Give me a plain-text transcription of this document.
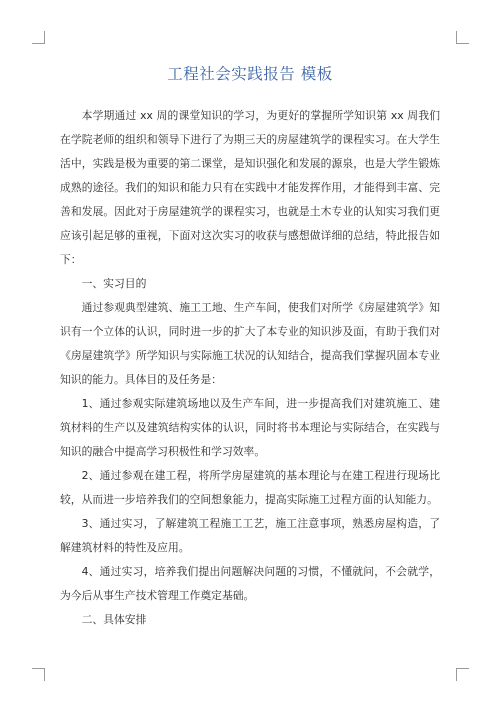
工程社会实践报告 模板

本学期通过 xx 周的课堂知识的学习，为更好的掌握所学知识第 xx 周我们在学院老师的组织和领导下进行了为期三天的房屋建筑学的课程实习。在大学生活中，实践是极为重要的第二课堂，是知识强化和发展的源泉，也是大学生锻炼成熟的途径。我们的知识和能力只有在实践中才能发挥作用，才能得到丰富、完善和发展。因此对于房屋建筑学的课程实习，也就是土木专业的认知实习我们更应该引起足够的重视，下面对这次实习的收获与感想做详细的总结，特此报告如下：

一、实习目的

通过参观典型建筑、施工工地、生产车间，使我们对所学《房屋建筑学》知识有一个立体的认识，同时进一步的扩大了本专业的知识涉及面，有助于我们对《房屋建筑学》所学知识与实际施工状况的认知结合，提高我们掌握巩固本专业知识的能力。具体目的及任务是：

1、通过参观实际建筑场地以及生产车间，进一步提高我们对建筑施工、建筑材料的生产以及建筑结构实体的认识，同时将书本理论与实际结合，在实践与知识的融合中提高学习积极性和学习效率。

2、通过参观在建工程，将所学房屋建筑的基本理论与在建工程进行现场比较，从而进一步培养我们的空间想象能力，提高实际施工过程方面的认知能力。

3、通过实习，了解建筑工程施工工艺，施工注意事项，熟悉房屋构造，了解建筑材料的特性及应用。

4、通过实习，培养我们提出问题解决问题的习惯，不懂就问，不会就学，为今后从事生产技术管理工作奠定基础。

二、具体安排
